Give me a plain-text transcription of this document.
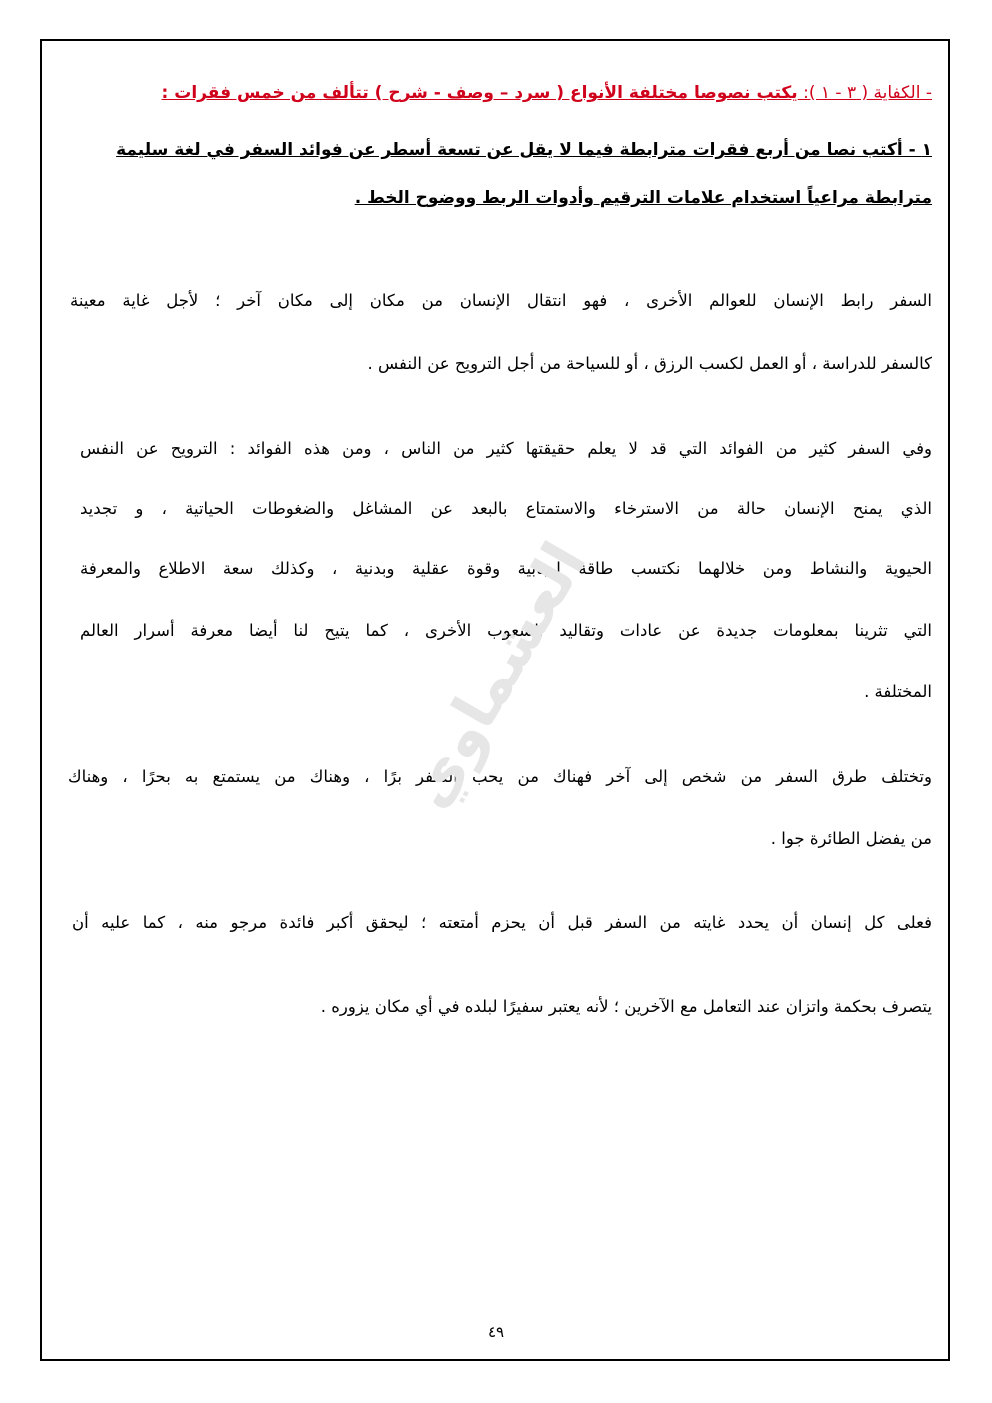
- الكفاية ( ٣ - ١ ): يكتب نصوصا مختلفة الأنواع ( سرد – وصف - شرح ) تتألف من خمس فقرات :
١ - أكتب نصا من أربع فقرات مترابطة فيما لا يقل عن تسعة أسطر عن فوائد السفر في لغة سليمة
مترابطة مراعياً استخدام علامات الترقيم وأدوات الربط ووضوح الخط .
السفر رابط الإنسان للعوالم الأخرى ، فهو انتقال الإنسان من مكان إلى مكان آخر ؛ لأجل غاية معينة
كالسفر للدراسة ، أو العمل لكسب الرزق ، أو للسياحة من أجل الترويح عن النفس .
وفي السفر كثير من الفوائد التي قد لا يعلم حقيقتها كثير من الناس ، ومن هذه الفوائد : الترويح عن النفس
الذي يمنح الإنسان حالة من الاسترخاء والاستمتاع بالبعد عن المشاغل والضغوطات الحياتية ، و تجديد
الحيوية والنشاط ومن خلالهما نكتسب طاقة إيجابية وقوة عقلية وبدنية ، وكذلك سعة الاطلاع والمعرفة
التي تثرينا بمعلومات جديدة عن عادات وتقاليد الشعوب الأخرى ، كما يتيح لنا أيضا معرفة أسرار العالم
المختلفة .
وتختلف طرق السفر من شخص إلى آخر فهناك من يحب السفر برًا ، وهناك من يستمتع به بحرًا ، وهناك
من يفضل الطائرة جوا .
فعلى كل إنسان أن يحدد غايته من السفر قبل أن يحزم أمتعته ؛ ليحقق أكبر فائدة مرجو منه ، كما عليه أن
يتصرف بحكمة واتزان عند التعامل مع الآخرين ؛ لأنه يعتبر سفيرًا لبلده في أي مكان يزوره .
العشماوي
٤٩
